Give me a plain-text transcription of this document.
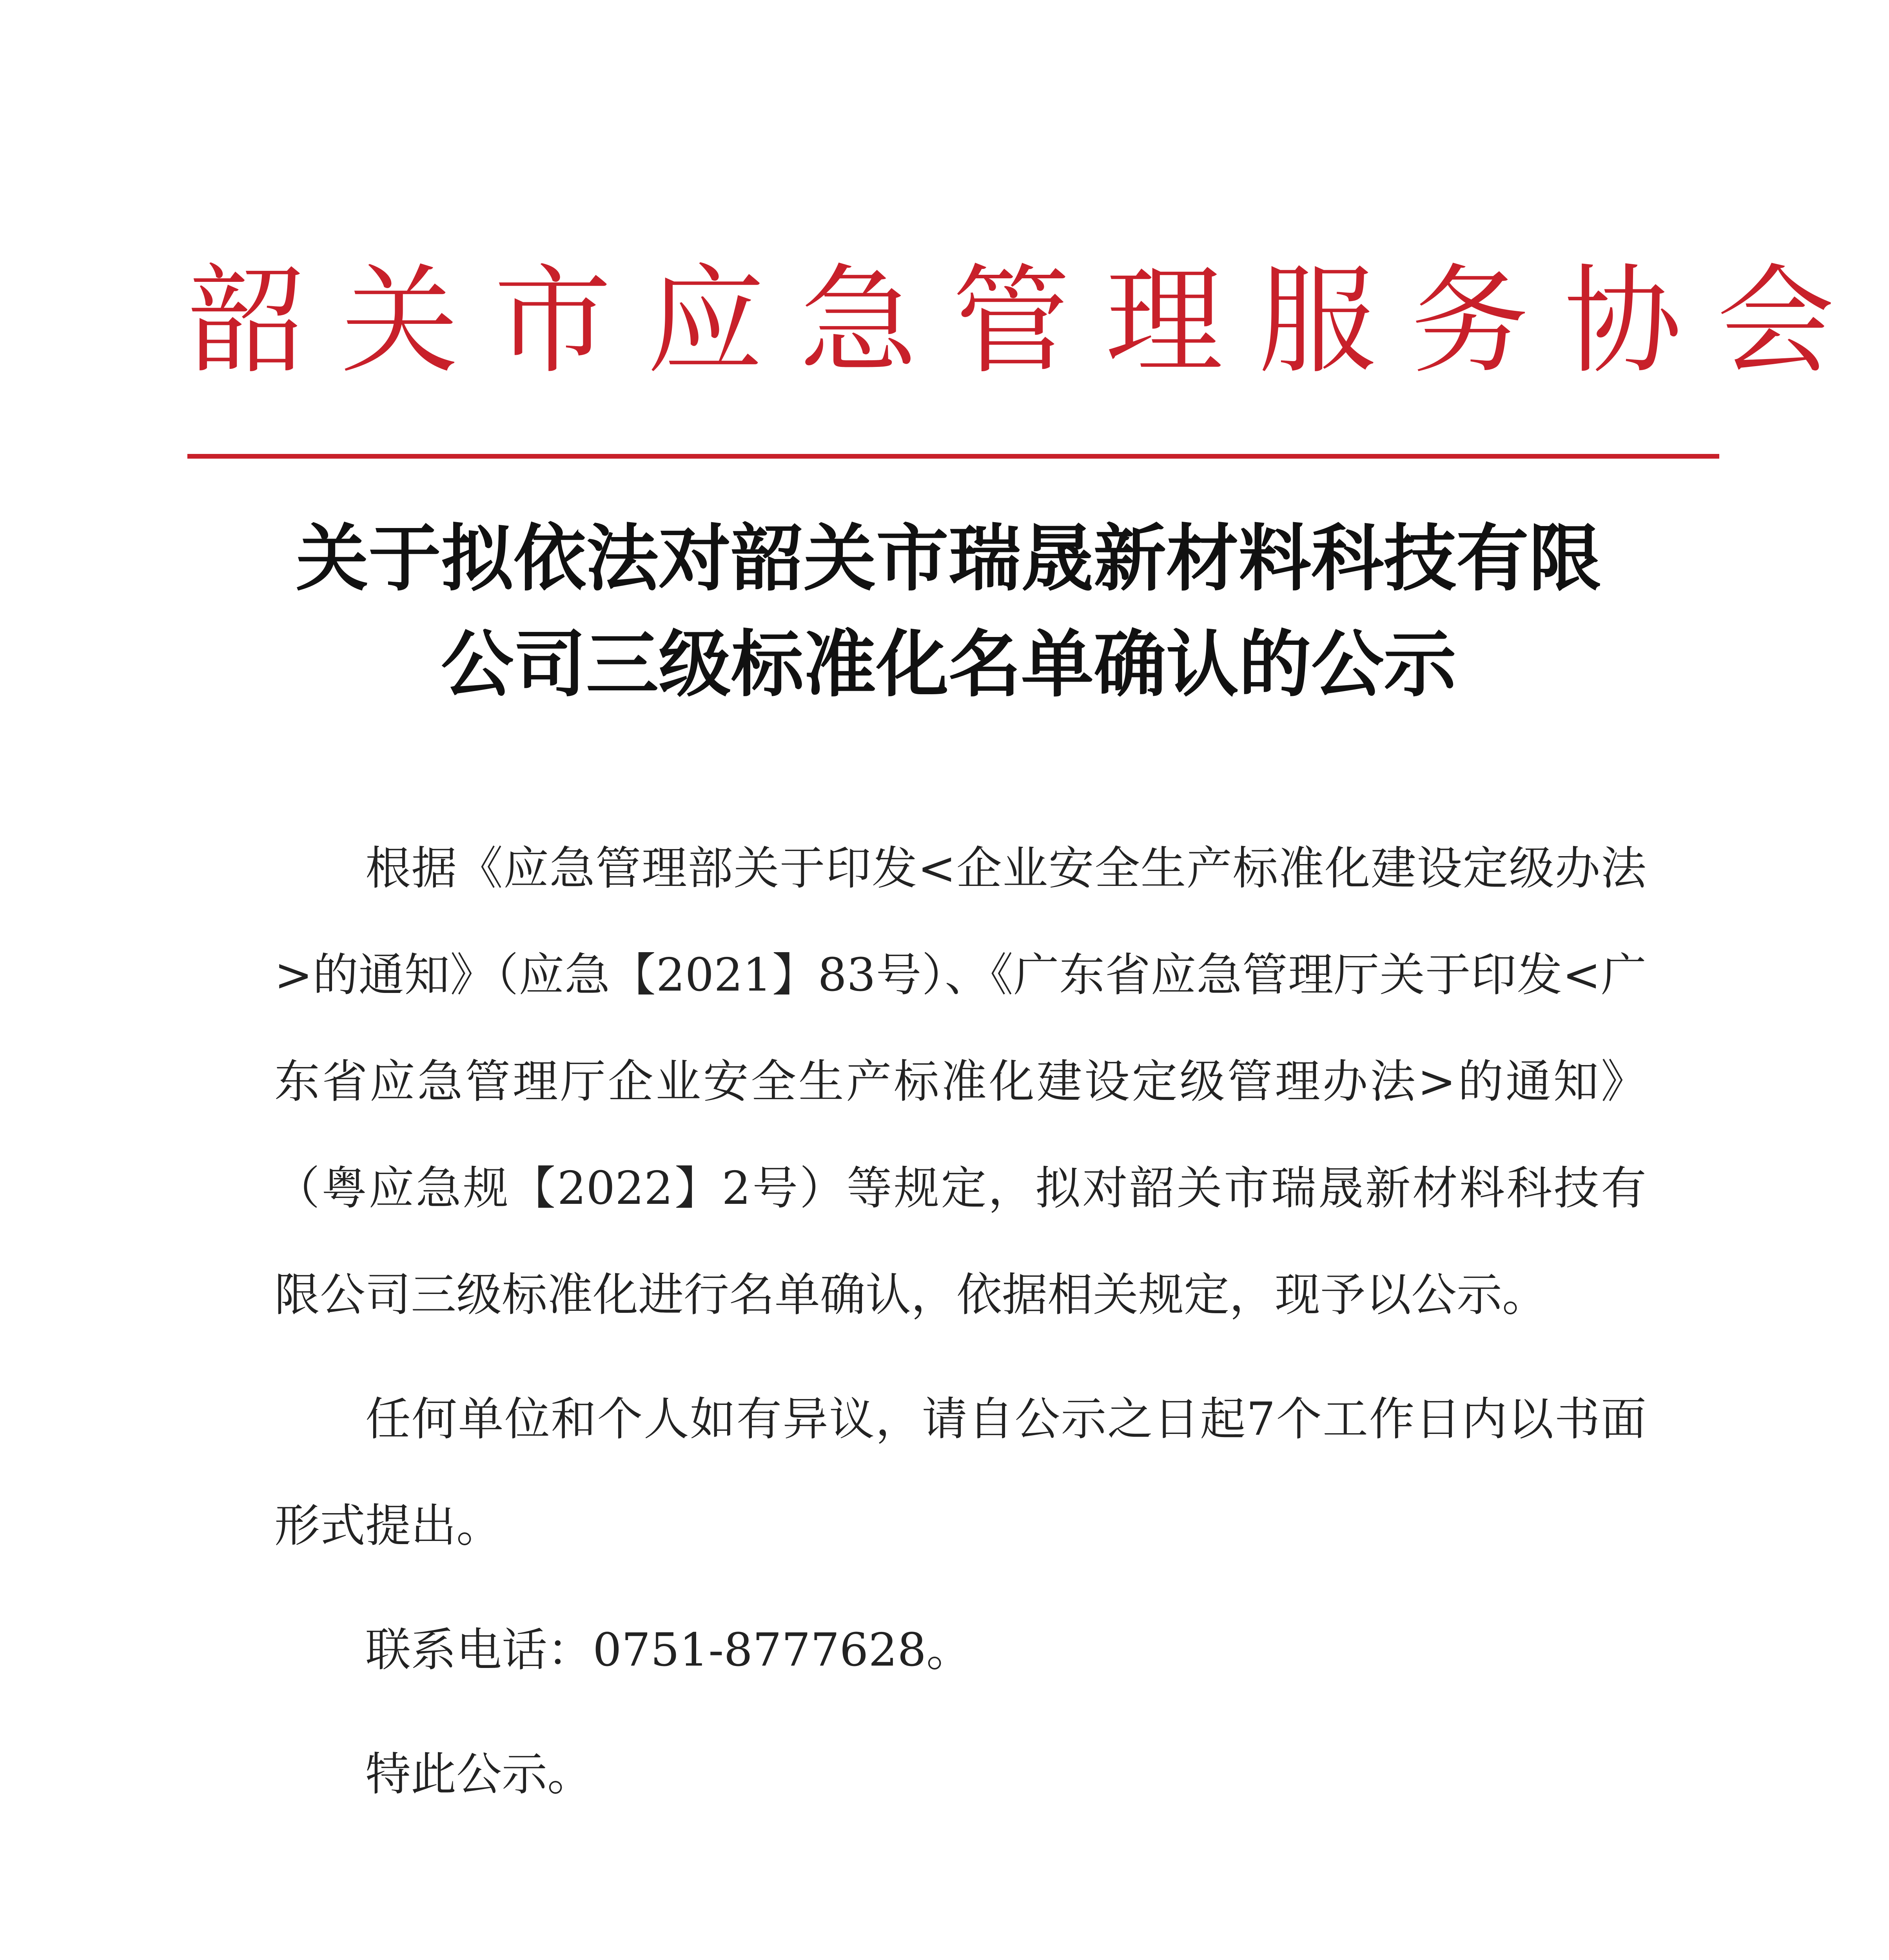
韶关市应急管理服务协会
关于拟依法对韶关市瑞晟新材料科技有限
公司三级标准化名单确认的公示

根据《应急管理部关于印发<企业安全生产标准化建设定级办法>的通知》（应急【2021】83号）、《广东省应急管理厅关于印发<广东省应急管理厅企业安全生产标准化建设定级管理办法>的通知》（粤应急规【2022】2号）等规定，拟对韶关市瑞晟新材料科技有限公司三级标准化进行名单确认，依据相关规定，现予以公示。

任何单位和个人如有异议，请自公示之日起7个工作日内以书面形式提出。

联系电话：0751-8777628。

特此公示。
